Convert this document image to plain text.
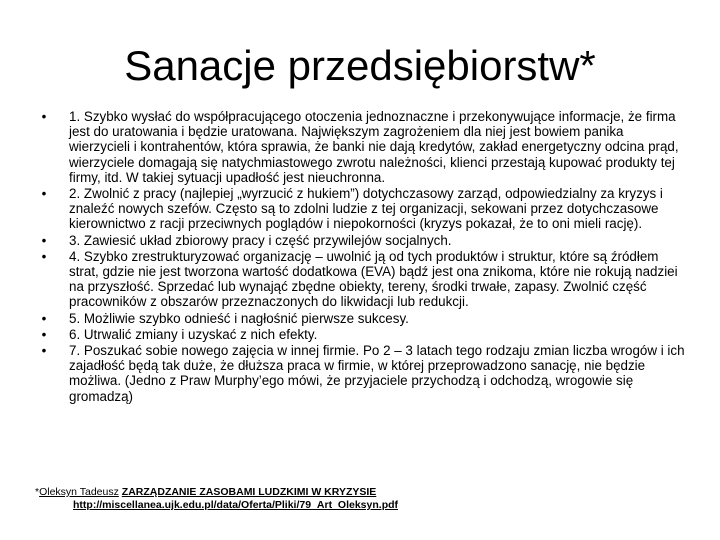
Sanacje przedsiębiorstw*
• 1. Szybko wysłać do współpracującego otoczenia jednoznaczne i przekonywujące informacje, że firma jest do uratowania i będzie uratowana. Największym zagrożeniem dla niej jest bowiem panika wierzycieli i kontrahentów, która sprawia, że banki nie dają kredytów, zakład energetyczny odcina prąd, wierzyciele domagają się natychmiastowego zwrotu należności, klienci przestają kupować produkty tej firmy, itd. W takiej sytuacji upadłość jest nieuchronna.
• 2. Zwolnić z pracy (najlepiej „wyrzucić z hukiem”) dotychczasowy zarząd, odpowiedzialny za kryzys i znaleźć nowych szefów. Często są to zdolni ludzie z tej organizacji, sekowani przez dotychczasowe kierownictwo z racji przeciwnych poglądów i niepokorności (kryzys pokazał, że to oni mieli rację).
• 3. Zawiesić układ zbiorowy pracy i część przywilejów socjalnych.
• 4. Szybko zrestrukturyzować organizację – uwolnić ją od tych produktów i struktur, które są źródłem strat, gdzie nie jest tworzona wartość dodatkowa (EVA) bądź jest ona znikoma, które nie rokują nadziei na przyszłość. Sprzedać lub wynająć zbędne obiekty, tereny, środki trwałe, zapasy. Zwolnić część pracowników z obszarów przeznaczonych do likwidacji lub redukcji.
• 5. Możliwie szybko odnieść i nagłośnić pierwsze sukcesy.
• 6. Utrwalić zmiany i uzyskać z nich efekty.
• 7. Poszukać sobie nowego zajęcia w innej firmie. Po 2 – 3 latach tego rodzaju zmian liczba wrogów i ich zajadłość będą tak duże, że dłuższa praca w firmie, w której przeprowadzono sanację, nie będzie możliwa. (Jedno z Praw Murphy’ego mówi, że przyjaciele przychodzą i odchodzą, wrogowie się gromadzą)
*Oleksyn Tadeusz ZARZĄDZANIE ZASOBAMI LUDZKIMI W KRYZYSIE
http://miscellanea.ujk.edu.pl/data/Oferta/Pliki/79_Art_Oleksyn.pdf
